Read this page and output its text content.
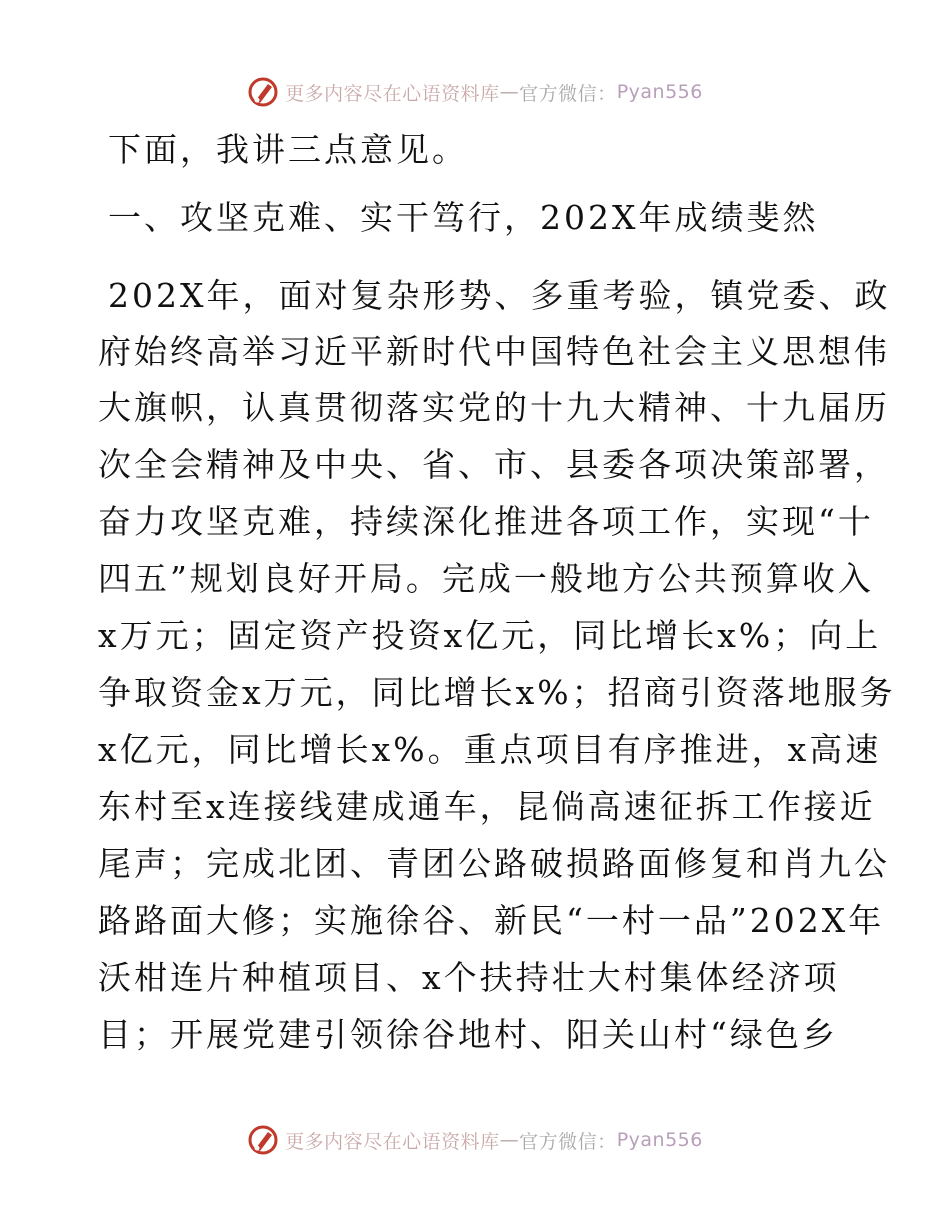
更多内容尽在心语资料库 — 官方微信： Pyan556
下面，我讲三点意见。
一、攻坚克难、实干笃行，202X年成绩斐然
202X年，面对复杂形势、多重考验，镇党委、政
府始终高举习近平新时代中国特色社会主义思想伟
大旗帜，认真贯彻落实党的十九大精神、十九届历
次全会精神及中央、省、市、县委各项决策部署，
奋力攻坚克难，持续深化推进各项工作，实现“十
四五”规划良好开局。完成一般地方公共预算收入
x万元；固定资产投资x亿元，同比增长x%；向上
争取资金x万元，同比增长x%；招商引资落地服务
x亿元，同比增长x%。重点项目有序推进，x高速
东村至x连接线建成通车，昆倘高速征拆工作接近
尾声；完成北团、青团公路破损路面修复和肖九公
路路面大修；实施徐谷、新民“一村一品”202X年
沃柑连片种植项目、x个扶持壮大村集体经济项
目；开展党建引领徐谷地村、阳关山村“绿色乡
更多内容尽在心语资料库 — 官方微信： Pyan556
